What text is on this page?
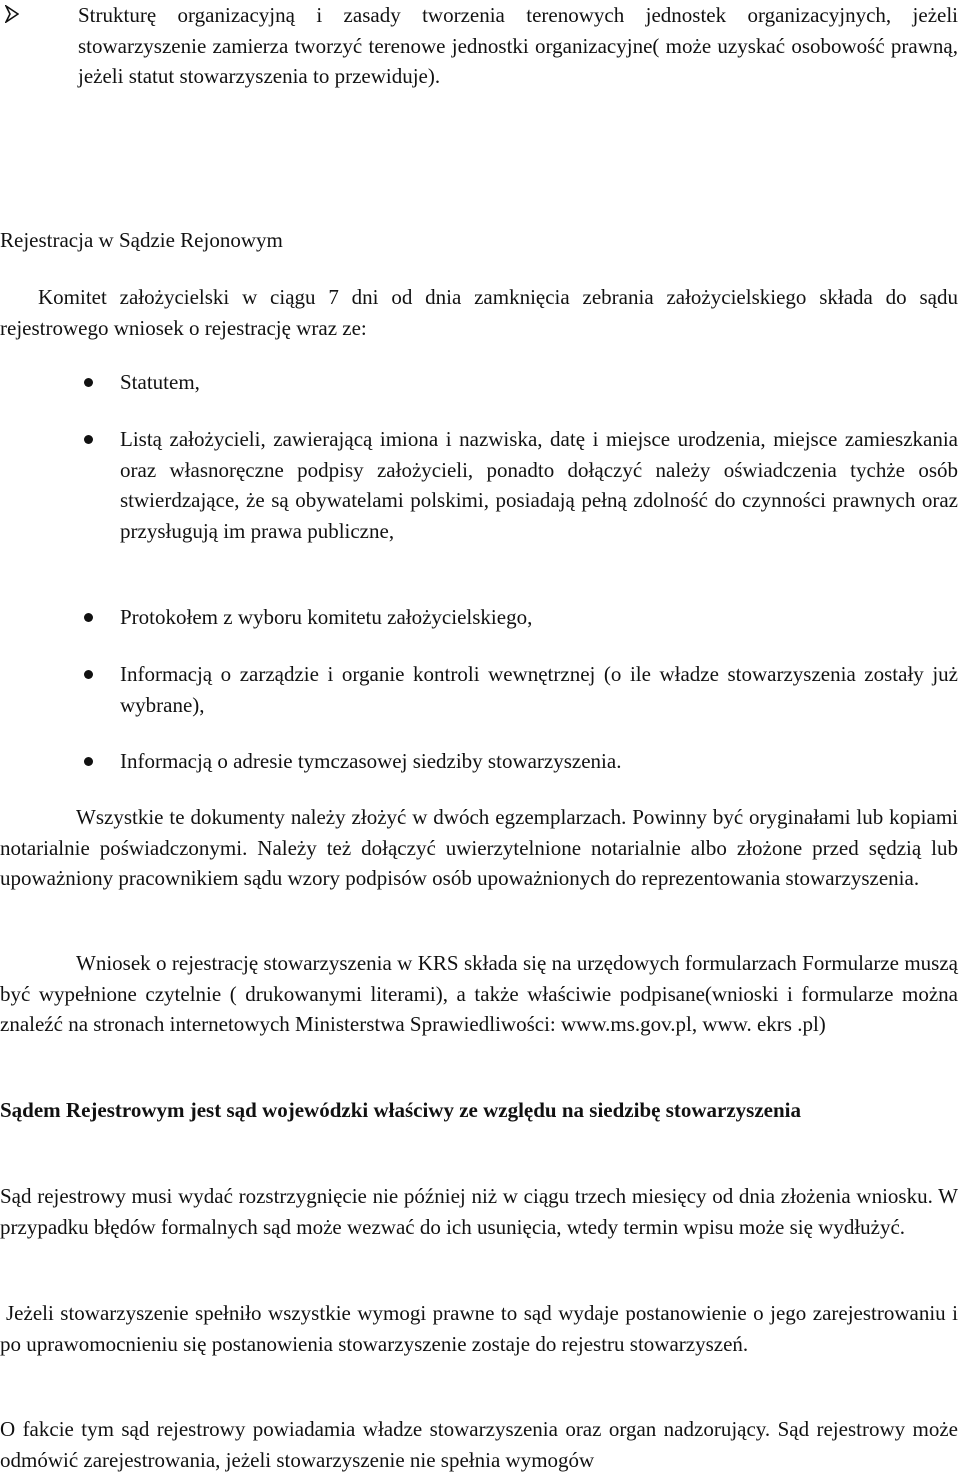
Strukturę organizacyjną i zasady tworzenia terenowych jednostek organizacyjnych, jeżeli stowarzyszenie zamierza tworzyć terenowe jednostki organizacyjne( może uzyskać osobowość prawną, jeżeli statut stowarzyszenia to przewiduje).
Rejestracja w Sądzie Rejonowym

Komitet założycielski w ciągu 7 dni od dnia zamknięcia zebrania założycielskiego składa do sądu rejestrowego wniosek o rejestrację wraz ze:

Statutem,
Listą założycieli, zawierającą imiona i nazwiska, datę i miejsce urodzenia, miejsce zamieszkania oraz własnoręczne podpisy założycieli, ponadto dołączyć należy oświadczenia tychże osób stwierdzające, że są obywatelami polskimi, posiadają pełną zdolność do czynności prawnych oraz przysługują im prawa publiczne,
Protokołem z wyboru komitetu założycielskiego,
Informacją o zarządzie i organie kontroli wewnętrznej (o ile władze stowarzyszenia zostały już wybrane),
Informacją o adresie tymczasowej siedziby stowarzyszenia.

Wszystkie te dokumenty należy złożyć w dwóch egzemplarzach. Powinny być oryginałami lub kopiami notarialnie poświadczonymi. Należy też dołączyć uwierzytelnione notarialnie albo złożone przed sędzią lub upoważniony pracownikiem sądu wzory podpisów osób upoważnionych do reprezentowania stowarzyszenia.

Wniosek o rejestrację stowarzyszenia w KRS składa się na urzędowych formularzach Formularze muszą być wypełnione czytelnie ( drukowanymi literami), a także właściwie podpisane(wnioski i formularze można znaleźć na stronach internetowych Ministerstwa Sprawiedliwości: www.ms.gov.pl, www. ekrs .pl)

Sądem Rejestrowym jest sąd wojewódzki właściwy ze względu na siedzibę stowarzyszenia

Sąd rejestrowy musi wydać rozstrzygnięcie nie później niż w ciągu trzech miesięcy od dnia złożenia wniosku. W przypadku błędów formalnych sąd może wezwać do ich usunięcia, wtedy termin wpisu może się wydłużyć.

Jeżeli stowarzyszenie spełniło wszystkie wymogi prawne to sąd wydaje postanowienie o jego zarejestrowaniu i po uprawomocnieniu się postanowienia stowarzyszenie zostaje do rejestru stowarzyszeń.

O fakcie tym sąd rejestrowy powiadamia władze stowarzyszenia oraz organ nadzorujący. Sąd rejestrowy może odmówić zarejestrowania, jeżeli stowarzyszenie nie spełnia wymogów
